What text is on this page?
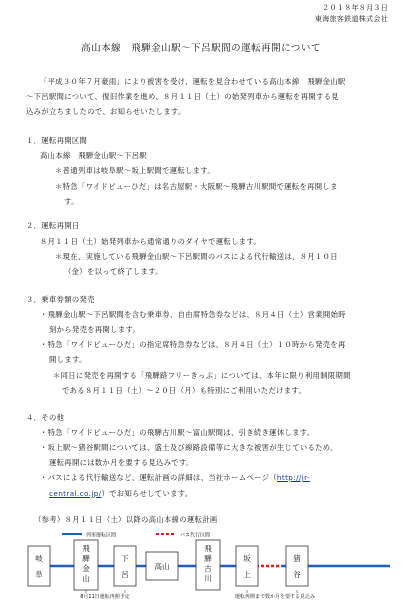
２０１８年８月３日
東海旅客鉄道株式会社
高山本線　飛騨金山駅～下呂駅間の運転再開について
「平成３０年７月豪雨」により被害を受け、運転を見合わせている高山本線　飛騨金山駅
～下呂駅間について、復旧作業を進め、８月１１日（土）の始発列車から運転を再開する見
込みが立ちましたので、お知らせいたします。
１．運転再開区間
高山本線　飛騨金山駅～下呂駅
＊普通列車は岐阜駅～坂上駅間で運転します。
＊特急「ワイドビューひだ」は名古屋駅・大阪駅～飛騨古川駅間で運転を再開しま
す。
２．運転再開日
８月１１日（土）始発列車から通常通りのダイヤで運転します。
＊現在、実施している飛騨金山駅～下呂駅間のバスによる代行輸送は、８月１０日
（金）を以って終了します。
３．乗車券類の発売
・飛騨金山駅～下呂駅間を含む乗車券、自由席特急券などは、８月４日（土）営業開始時
刻から発売を再開します。
・特急「ワイドビューひだ」の指定席特急券などは、８月４日（土）１０時から発売を再
開します。
＊同日に発売を再開する「飛騨路フリーきっぷ」については、本年に限り利用制限期間
である８月１１日（土）～２０日（月）も特別にご利用いただけます。
４．その他
・特急「ワイドビューひだ」の飛騨古川駅～富山駅間は、引き続き運休します。
・坂上駅～猪谷駅間については、盛土及び線路設備等に大きな被害が生じているため、
運転再開には数か月を要する見込みです。
・バスによる代行輸送など、運転計画の詳細は、当社ホームページ（http://jr-
central.co.jp/）でお知らせしています。
（参考）８月１１日（土）以降の高山本線の運転計画
列車運転区間	バス代行区間
岐
阜
飛
騨
金
山
下
呂
高山
飛
騨
古
川
坂
上
猪
谷
8月11日運転再開予定	運転再開まで数か月を要する見込み
